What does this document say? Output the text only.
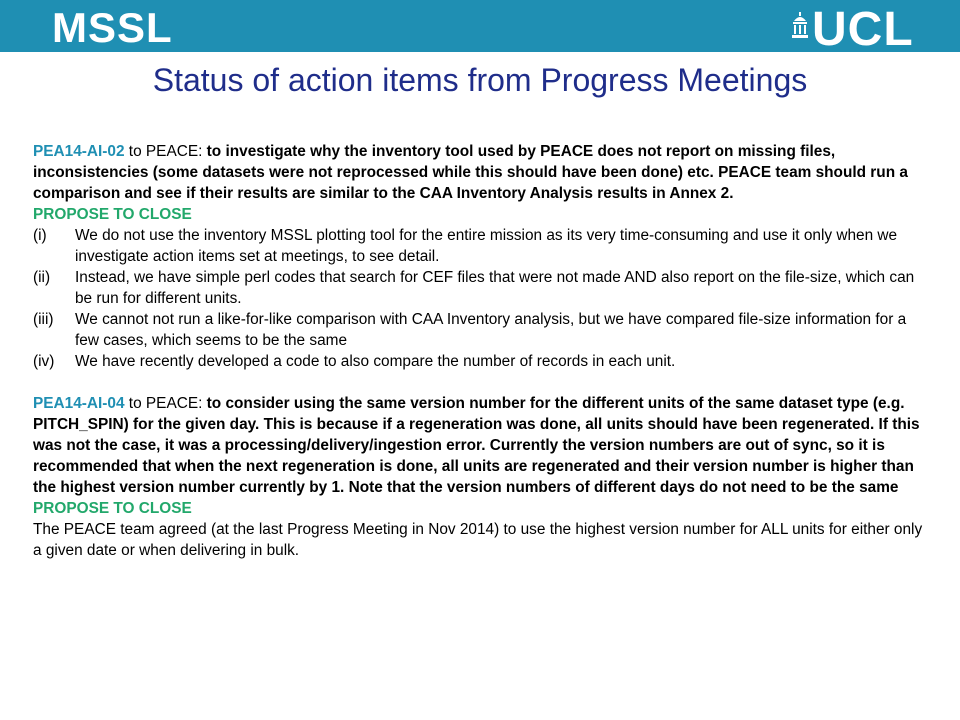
MSSL	UCL
Status of action items from Progress Meetings

PEA14-AI-02 to PEACE: to investigate why the inventory tool used by PEACE does not report on missing files, inconsistencies (some datasets were not reprocessed while this should have been done) etc. PEACE team should run a comparison and see if their results are similar to the CAA Inventory Analysis results in Annex 2.

PROPOSE TO CLOSE

(i)	We do not use the inventory MSSL plotting tool for the entire mission as its very time-consuming and use it only when we investigate action items set at meetings, to see detail.
(ii)	Instead, we have simple perl codes that search for CEF files that were not made AND also report on the file-size, which can be run for different units.
(iii)	We cannot not run a like-for-like comparison with CAA Inventory analysis, but we have compared file-size information for a few cases, which seems to be the same
(iv)	We have recently developed a code to also compare the number of records in each unit.

PEA14-AI-04 to PEACE: to consider using the same version number for the different units of the same dataset type (e.g. PITCH_SPIN) for the given day. This is because if a regeneration was done, all units should have been regenerated. If this was not the case, it was a processing/delivery/ingestion error. Currently the version numbers are out of sync, so it is recommended that when the next regeneration is done, all units are regenerated and their version number is higher than the highest version number currently by 1. Note that the version numbers of different days do not need to be the same

PROPOSE TO CLOSE

The PEACE team agreed (at the last Progress Meeting in Nov 2014) to use the highest version number for ALL units for either only a given date or when delivering in bulk.
